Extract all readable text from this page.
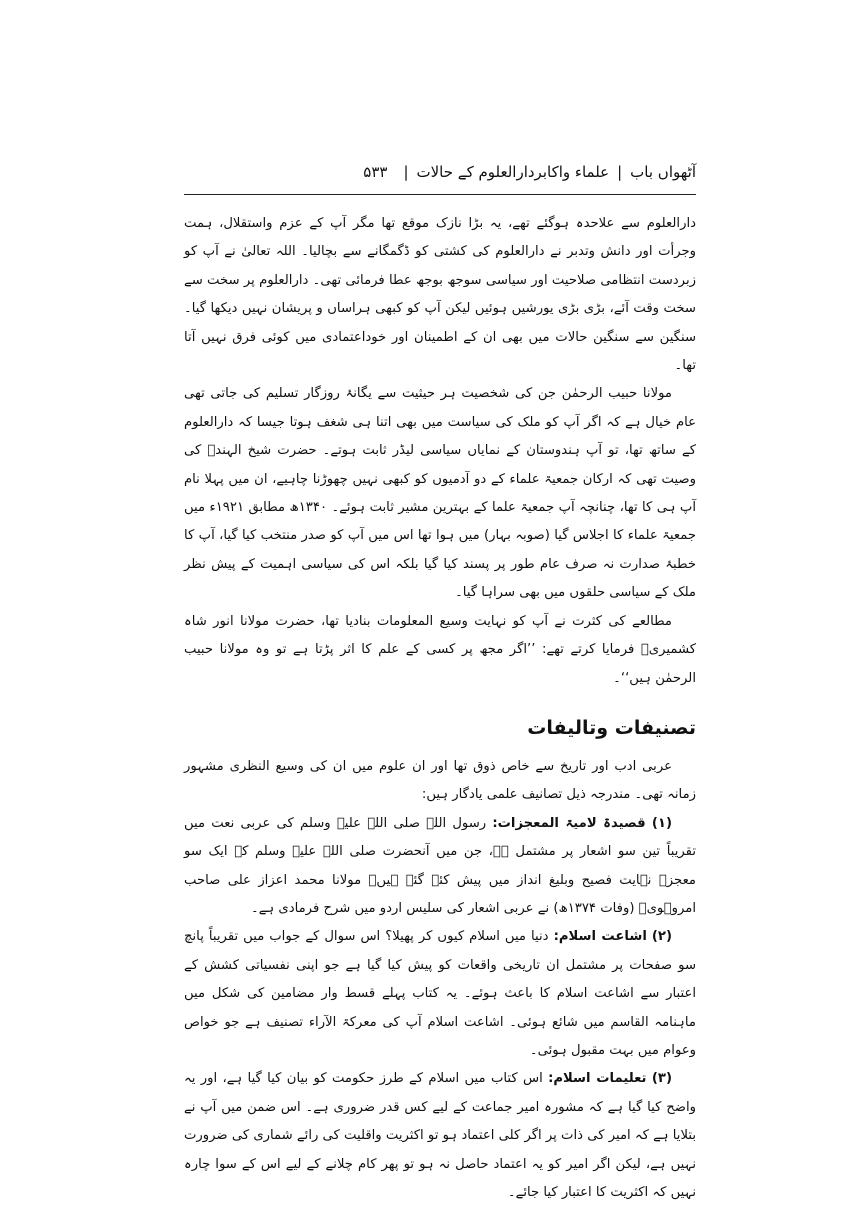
آٹھواں باب
|
علماء واکابردارالعلوم کے حالات
|
۵۳۳

دارالعلوم سے علاحدہ ہوگئے تھے، یہ بڑا نازک موقع تھا مگر آپ کے عزم واستقلال، ہمت وجرأت اور دانش وتدبر نے دارالعلوم کی کشتی کو ڈگمگانے سے بچالیا۔ اللہ تعالیٰ نے آپ کو زبردست انتظامی صلاحیت اور سیاسی سوجھ بوجھ عطا فرمائی تھی۔ دارالعلوم پر سخت سے سخت وقت آئے، بڑی بڑی یورشیں ہوئیں لیکن آپ کو کبھی ہراساں و پریشان نہیں دیکھا گیا۔ سنگین سے سنگین حالات میں بھی ان کے اطمینان اور خوداعتمادی میں کوئی فرق نہیں آتا تھا۔

مولانا حبیب الرحمٰن جن کی شخصیت ہر حیثیت سے یگانۂ روزگار تسلیم کی جاتی تھی عام خیال ہے کہ اگر آپ کو ملک کی سیاست میں بھی اتنا ہی شغف ہوتا جیسا کہ دارالعلوم کے ساتھ تھا، تو آپ ہندوستان کے نمایاں سیاسی لیڈر ثابت ہوتے۔ حضرت شیخ الہندؒ کی وصیت تھی کہ ارکان جمعیۃ علماء کے دو آدمیوں کو کبھی نہیں چھوڑنا چاہیے، ان میں پہلا نام آپ ہی کا تھا، چنانچہ آپ جمعیۃ علما کے بہترین مشیر ثابت ہوئے۔ ۱۳۴۰ھ مطابق ۱۹۲۱ء میں جمعیۃ علماء کا اجلاس گیا (صوبہ بہار) میں ہوا تھا اس میں آپ کو صدر منتخب کیا گیا، آپ کا خطبۂ صدارت نہ صرف عام طور پر پسند کیا گیا بلکہ اس کی سیاسی اہمیت کے پیش نظر ملک کے سیاسی حلقوں میں بھی سراہا گیا۔

مطالعے کی کثرت نے آپ کو نہایت وسیع المعلومات بنادیا تھا، حضرت مولانا انور شاہ کشمیریؒ فرمایا کرتے تھے: ’’اگر مجھ پر کسی کے علم کا اثر پڑتا ہے تو وہ مولانا حبیب الرحمٰن ہیں‘‘۔

تصنیفات وتالیفات

عربی ادب اور تاریخ سے خاص ذوق تھا اور ان علوم میں ان کی وسیع النظری مشہور زمانہ تھی۔ مندرجہ ذیل تصانیف علمی یادگار ہیں:

(۱) قصیدۃ لامیۃ المعجزات: رسول اللہ صلی اللہ علیہ وسلم کی عربی نعت میں تقریباً تین سو اشعار پر مشتمل ہے، جن میں آنحضرت صلی اللہ علیہ وسلم کے ایک سو معجزے نہایت فصیح وبلیغ انداز میں پیش کئے گئے ہیں۔ مولانا محمد اعزاز علی صاحب امروہویؒ (وفات ۱۳۷۴ھ) نے عربی اشعار کی سلیس اردو میں شرح فرمادی ہے۔

(۲) اشاعت اسلام: دنیا میں اسلام کیوں کر پھیلا؟ اس سوال کے جواب میں تقریباً پانچ سو صفحات پر مشتمل ان تاریخی واقعات کو پیش کیا گیا ہے جو اپنی نفسیاتی کشش کے اعتبار سے اشاعت اسلام کا باعث ہوئے۔ یہ کتاب پہلے قسط وار مضامین کی شکل میں ماہنامہ القاسم میں شائع ہوئی۔ اشاعت اسلام آپ کی معرکۃ الآراء تصنیف ہے جو خواص وعوام میں بہت مقبول ہوئی۔

(۳) تعلیمات اسلام: اس کتاب میں اسلام کے طرز حکومت کو بیان کیا گیا ہے، اور یہ واضح کیا گیا ہے کہ مشورہ امیر جماعت کے لیے کس قدر ضروری ہے۔ اس ضمن میں آپ نے بتلایا ہے کہ امیر کی ذات پر اگر کلی اعتماد ہو تو اکثریت واقلیت کی رائے شماری کی ضرورت نہیں ہے، لیکن اگر امیر کو یہ اعتماد حاصل نہ ہو تو پھر کام چلانے کے لیے اس کے سوا چارہ نہیں کہ اکثریت کا اعتبار کیا جائے۔
